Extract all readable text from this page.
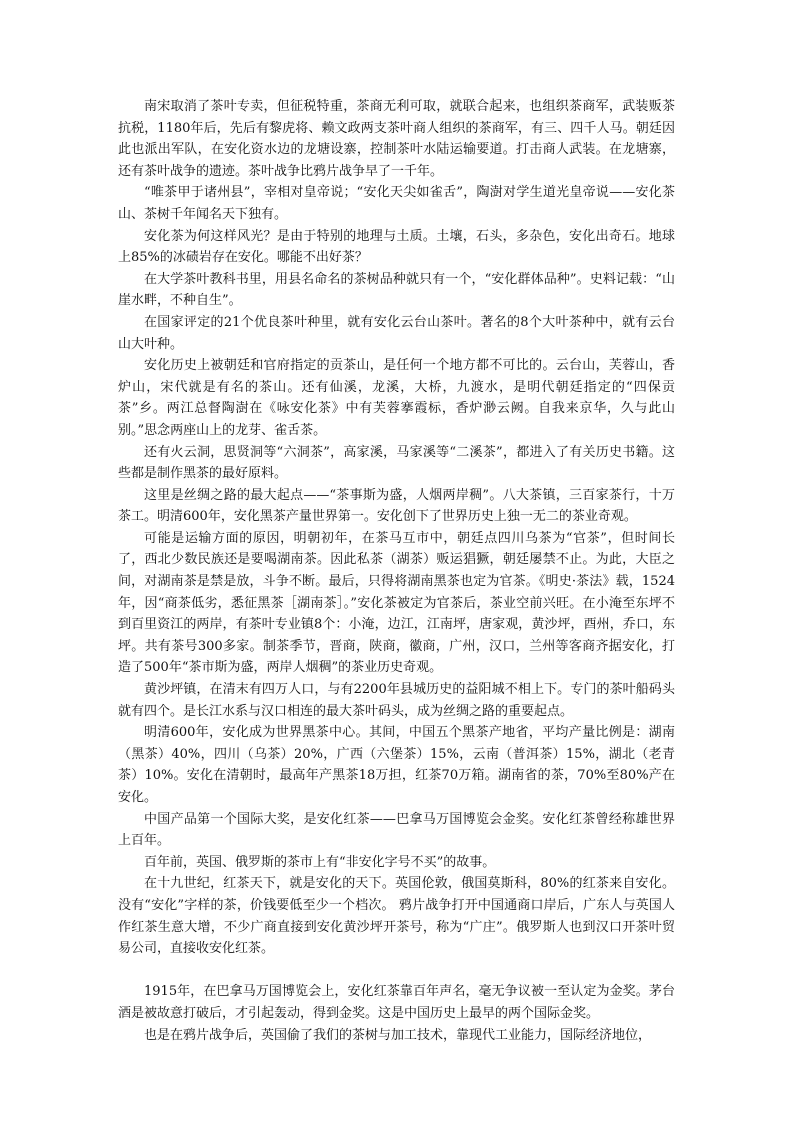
南宋取消了茶叶专卖，但征税特重，茶商无利可取，就联合起来，也组织茶商军，武装贩茶抗税，1180年后，先后有黎虎将、赖文政两支茶叶商人组织的茶商军，有三、四千人马。朝廷因此也派出军队，在安化资水边的龙塘设寨，控制茶叶水陆运输要道。打击商人武装。在龙塘寨，还有茶叶战争的遗迹。茶叶战争比鸦片战争早了一千年。

“唯茶甲于诸州县”，宰相对皇帝说；“安化天尖如雀舌”，陶澍对学生道光皇帝说——安化茶山、茶树千年闻名天下独有。

安化茶为何这样风光？是由于特别的地理与土质。土壤，石头，多杂色，安化出奇石。地球上85%的冰碛岩存在安化。哪能不出好茶？

在大学茶叶教科书里，用县名命名的茶树品种就只有一个，“安化群体品种”。史料记载：“山崖水畔，不种自生”。

在国家评定的21个优良茶叶种里，就有安化云台山茶叶。著名的8个大叶茶种中，就有云台山大叶种。

安化历史上被朝廷和官府指定的贡茶山，是任何一个地方都不可比的。云台山，芙蓉山，香炉山，宋代就是有名的茶山。还有仙溪，龙溪，大桥，九渡水，是明代朝廷指定的“四保贡茶”乡。两江总督陶澍在《咏安化茶》中有芙蓉搴霞标，香炉渺云阙。自我来京华，久与此山别。”思念两座山上的龙芽、雀舌茶。

还有火云洞，思贤洞等“六洞茶”，高家溪，马家溪等“二溪茶”，都进入了有关历史书籍。这些都是制作黑茶的最好原料。

这里是丝绸之路的最大起点——“茶事斯为盛，人烟两岸稠”。八大茶镇，三百家茶行，十万茶工。明清600年，安化黑茶产量世界第一。安化创下了世界历史上独一无二的茶业奇观。

可能是运输方面的原因，明朝初年，在茶马互市中，朝廷点四川乌茶为“官茶”，但时间长了，西北少数民族还是要喝湖南茶。因此私茶（湖茶）贩运猖獗，朝廷屡禁不止。为此，大臣之间，对湖南茶是禁是放，斗争不断。最后，只得将湖南黑茶也定为官茶。《明史·茶法》载，1524年，因“商茶低劣，悉征黑茶［湖南茶］。”安化茶被定为官茶后，茶业空前兴旺。在小淹至东坪不到百里资江的两岸，有茶叶专业镇8个：小淹，边江，江南坪，唐家观，黄沙坪，酉州，乔口，东坪。共有茶号300多家。制茶季节，晋商，陕商，徽商，广州，汉口，兰州等客商齐据安化，打造了500年“茶市斯为盛，两岸人烟稠”的茶业历史奇观。

黄沙坪镇，在清末有四万人口，与有2200年县城历史的益阳城不相上下。专门的茶叶船码头就有四个。是长江水系与汉口相连的最大茶叶码头，成为丝绸之路的重要起点。

明清600年，安化成为世界黑茶中心。其间，中国五个黑茶产地省，平均产量比例是：湖南（黑茶）40%，四川（乌茶）20%，广西（六堡茶）15%，云南（普洱茶）15%，湖北（老青茶）10%。安化在清朝时，最高年产黑茶18万担，红茶70万箱。湖南省的茶，70%至80%产在安化。

中国产品第一个国际大奖，是安化红茶——巴拿马万国博览会金奖。安化红茶曾经称雄世界上百年。

百年前，英国、俄罗斯的茶市上有“非安化字号不买”的故事。

在十九世纪，红茶天下，就是安化的天下。英国伦敦，俄国莫斯科，80%的红茶来自安化。没有“安化”字样的茶，价钱要低至少一个档次。 鸦片战争打开中国通商口岸后，广东人与英国人作红茶生意大增，不少广商直接到安化黄沙坪开茶号，称为“广庄”。俄罗斯人也到汉口开茶叶贸易公司，直接收安化红茶。

1915年，在巴拿马万国博览会上，安化红茶靠百年声名，毫无争议被一至认定为金奖。茅台酒是被故意打破后，才引起轰动，得到金奖。这是中国历史上最早的两个国际金奖。

也是在鸦片战争后，英国偷了我们的茶树与加工技术，靠现代工业能力，国际经济地位，
